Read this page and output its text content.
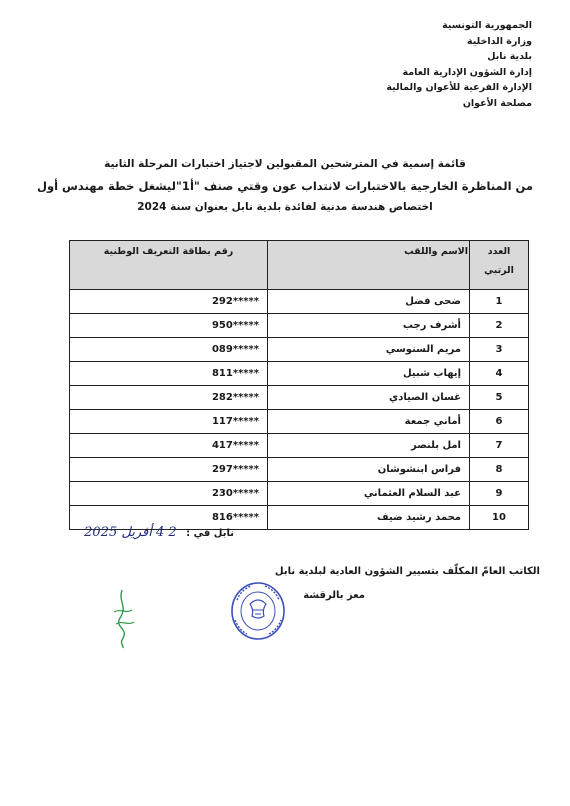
الجمهورية التونسية
وزارة الداخلية
بلدية نابل
إدارة الشؤون الإدارية العامة
الإدارة الفرعية للأعوان والمالية
مصلحة الأعوان
قائمة إسمية في المترشحين المقبولين لاجتياز اختبارات المرحلة الثانية
من المناظرة الخارجية بالاختبارات لانتداب عون وقتي صنف "أ1"ليشغل خطة مهندس أول
اختصاص هندسة مدنية لفائدة بلدية نابل بعنوان سنة 2024
العدد
الرتبي	الاسم واللقب	رقم بطاقة التعريف الوطنية
1	ضحى فضل	292*****
2	أشرف رجب	950*****
3	مريم السنوسي	089*****
4	إيهاب شبيل	811*****
5	غسان الصيادي	282*****
6	أماني جمعة	117*****
7	امل بلنصر	417*****
8	فراس ابنشوشان	297*****
9	عبد السلام العثماني	230*****
10	محمد رشيد ضيف	816*****
نابل في : 2 4 أفريل 2025
الكاتب العامّ المكلّف بتسيير الشؤون العادية لبلدية نابل
معز بالرقشة
